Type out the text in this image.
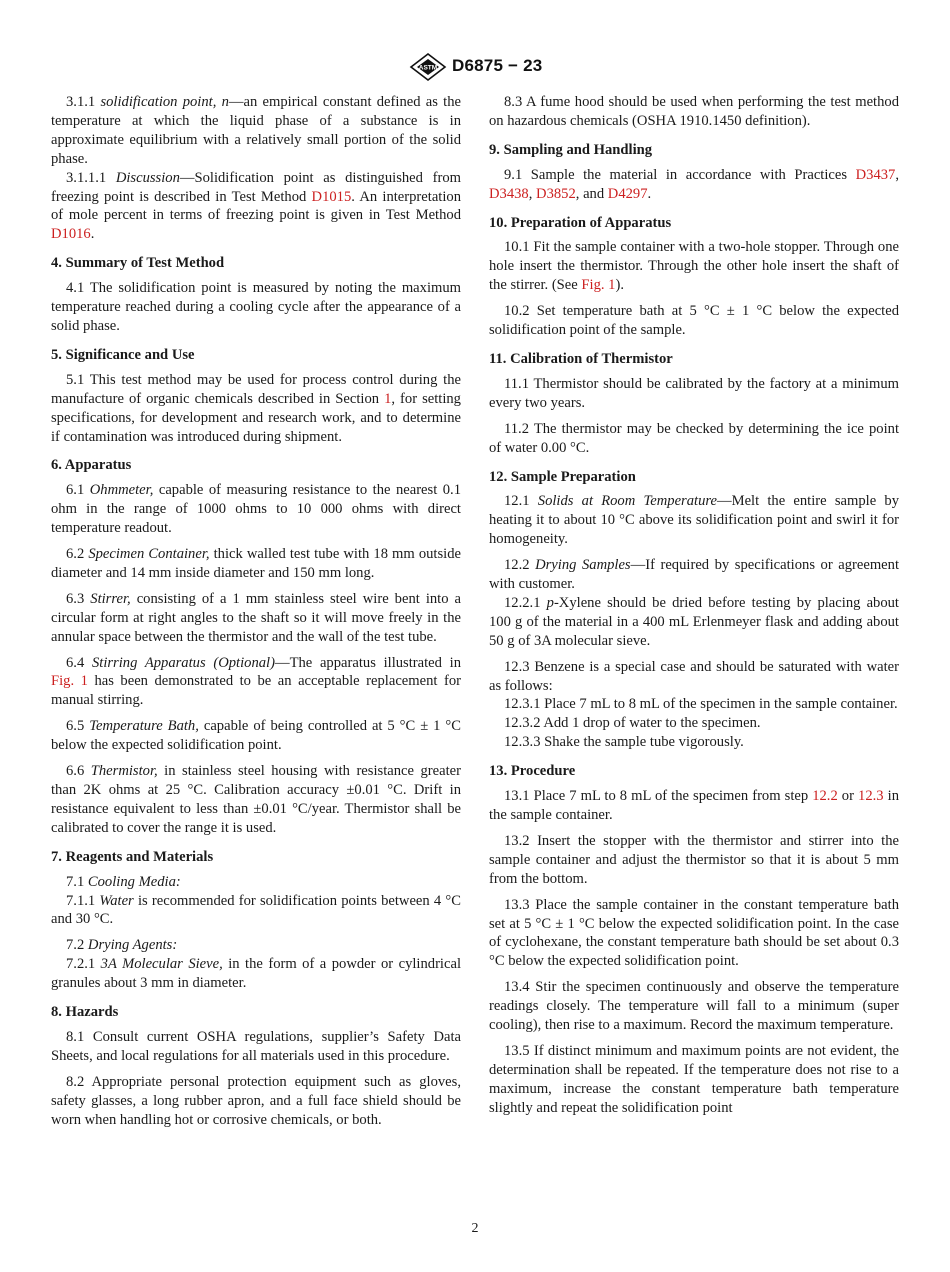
ASTM D6875 − 23

3.1.1 solidification point, n—an empirical constant defined as the temperature at which the liquid phase of a substance is in approximate equilibrium with a relatively small portion of the solid phase.

3.1.1.1 Discussion—Solidification point as distinguished from freezing point is described in Test Method D1015. An interpretation of mole percent in terms of freezing point is given in Test Method D1016.

4. Summary of Test Method

4.1 The solidification point is measured by noting the maximum temperature reached during a cooling cycle after the appearance of a solid phase.

5. Significance and Use

5.1 This test method may be used for process control during the manufacture of organic chemicals described in Section 1, for setting specifications, for development and research work, and to determine if contamination was introduced during shipment.

6. Apparatus

6.1 Ohmmeter, capable of measuring resistance to the nearest 0.1 ohm in the range of 1000 ohms to 10 000 ohms with direct temperature readout.

6.2 Specimen Container, thick walled test tube with 18 mm outside diameter and 14 mm inside diameter and 150 mm long.

6.3 Stirrer, consisting of a 1 mm stainless steel wire bent into a circular form at right angles to the shaft so it will move freely in the annular space between the thermistor and the wall of the test tube.

6.4 Stirring Apparatus (Optional)—The apparatus illustrated in Fig. 1 has been demonstrated to be an acceptable replacement for manual stirring.

6.5 Temperature Bath, capable of being controlled at 5 °C ± 1 °C below the expected solidification point.

6.6 Thermistor, in stainless steel housing with resistance greater than 2K ohms at 25 °C. Calibration accuracy ±0.01 °C. Drift in resistance equivalent to less than ±0.01 °C/year. Thermistor shall be calibrated to cover the range it is used.

7. Reagents and Materials

7.1 Cooling Media:

7.1.1 Water is recommended for solidification points between 4 °C and 30 °C.

7.2 Drying Agents:

7.2.1 3A Molecular Sieve, in the form of a powder or cylindrical granules about 3 mm in diameter.

8. Hazards

8.1 Consult current OSHA regulations, supplier’s Safety Data Sheets, and local regulations for all materials used in this procedure.

8.2 Appropriate personal protection equipment such as gloves, safety glasses, a long rubber apron, and a full face shield should be worn when handling hot or corrosive chemicals, or both.

8.3 A fume hood should be used when performing the test method on hazardous chemicals (OSHA 1910.1450 definition).

9. Sampling and Handling

9.1 Sample the material in accordance with Practices D3437, D3438, D3852, and D4297.

10. Preparation of Apparatus

10.1 Fit the sample container with a two-hole stopper. Through one hole insert the thermistor. Through the other hole insert the shaft of the stirrer. (See Fig. 1).

10.2 Set temperature bath at 5 °C ± 1 °C below the expected solidification point of the sample.

11. Calibration of Thermistor

11.1 Thermistor should be calibrated by the factory at a minimum every two years.

11.2 The thermistor may be checked by determining the ice point of water 0.00 °C.

12. Sample Preparation

12.1 Solids at Room Temperature—Melt the entire sample by heating it to about 10 °C above its solidification point and swirl it for homogeneity.

12.2 Drying Samples—If required by specifications or agreement with customer.

12.2.1 p-Xylene should be dried before testing by placing about 100 g of the material in a 400 mL Erlenmeyer flask and adding about 50 g of 3A molecular sieve.

12.3 Benzene is a special case and should be saturated with water as follows:

12.3.1 Place 7 mL to 8 mL of the specimen in the sample container.

12.3.2 Add 1 drop of water to the specimen.

12.3.3 Shake the sample tube vigorously.

13. Procedure

13.1 Place 7 mL to 8 mL of the specimen from step 12.2 or 12.3 in the sample container.

13.2 Insert the stopper with the thermistor and stirrer into the sample container and adjust the thermistor so that it is about 5 mm from the bottom.

13.3 Place the sample container in the constant temperature bath set at 5 °C ± 1 °C below the expected solidification point. In the case of cyclohexane, the constant temperature bath should be set about 0.3 °C below the expected solidification point.

13.4 Stir the specimen continuously and observe the temperature readings closely. The temperature will fall to a minimum (super cooling), then rise to a maximum. Record the maximum temperature.

13.5 If distinct minimum and maximum points are not evident, the determination shall be repeated. If the temperature does not rise to a maximum, increase the constant temperature bath temperature slightly and repeat the solidification point

2
